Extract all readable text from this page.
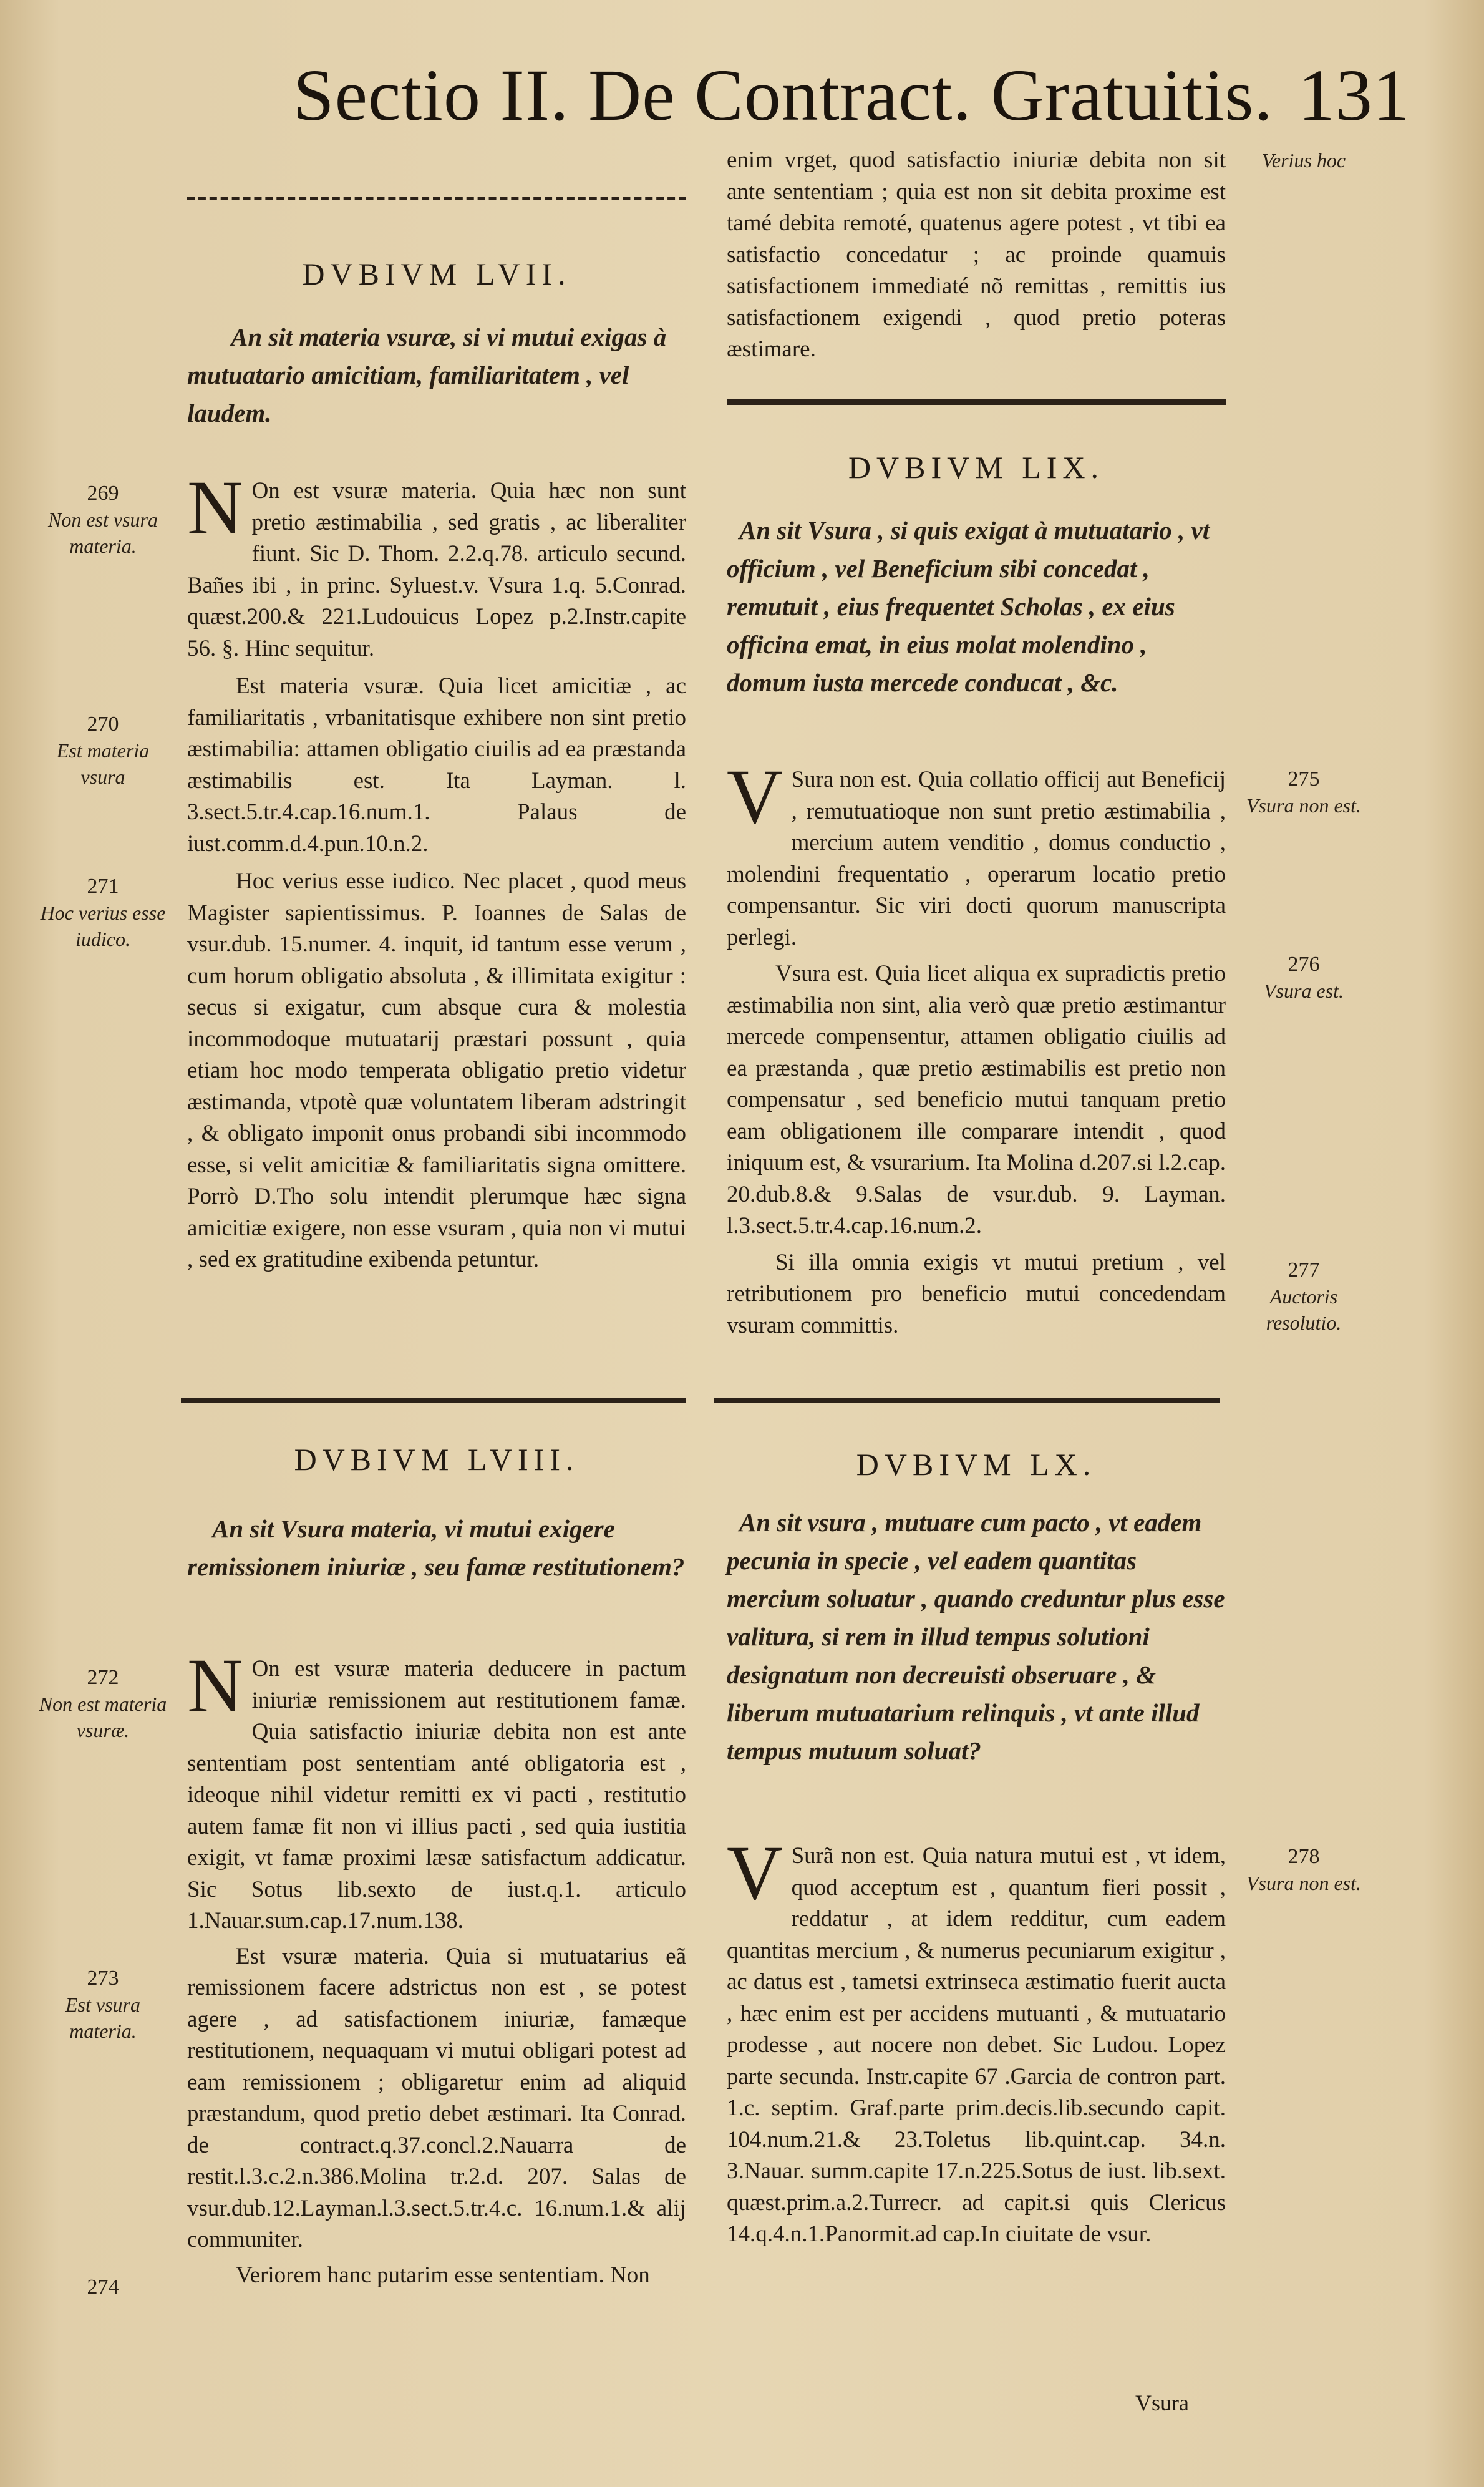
Sectio II. De Contract. Gratuitis. 131

enim vrget, quod satisfactio iniuriæ debita non sit ante sententiam ; quia est non sit debita proxime est tamé debita remoté, quatenus agere potest , vt tibi ea satisfactio concedatur ; ac proinde quamuis satisfactionem immediaté nõ remittas , remittis ius satisfactionem exigendi , quod pretio poteras æstimare.

Verius hoc
DVBIVM LVII.
An sit materia vsuræ, si vi mutui exigas à mutuatario amicitiam, familiaritatem , vel laudem.
269
Non est vsura materia.
270
Est materia vsura
271
Hoc verius esse iudico.

N On est vsuræ materia. Quia hæc non sunt pretio æstimabilia , sed gratis , ac liberaliter fiunt. Sic D. Thom. 2.2.q.78. articulo secund. Bañes ibi , in princ. Syluest.v. Vsura 1.q. 5.Conrad. quæst.200.& 221.Ludouicus Lopez p.2.Instr.capite 56. §. Hinc sequitur.

Est materia vsuræ. Quia licet amicitiæ , ac familiaritatis , vrbanitatisque exhibere non sint pretio æstimabilia: attamen obligatio ciuilis ad ea præstanda æstimabilis est. Ita Layman. l. 3.sect.5.tr.4.cap.16.num.1. Palaus de iust.comm.d.4.pun.10.n.2.

Hoc verius esse iudico. Nec placet , quod meus Magister sapientissimus. P. Ioannes de Salas de vsur.dub. 15.numer. 4. inquit, id tantum esse verum , cum horum obligatio absoluta , & illimitata exigitur : secus si exigatur, cum absque cura & molestia incommodoque mutuatarij præstari possunt , quia etiam hoc modo temperata obligatio pretio videtur æstimanda, vtpotè quæ voluntatem liberam adstringit , & obligato imponit onus probandi sibi incommodo esse, si velit amicitiæ & familiaritatis signa omittere. Porrò D.Tho solu intendit plerumque hæc signa amicitiæ exigere, non esse vsuram , quia non vi mutui , sed ex gratitudine exibenda petuntur.

DVBIVM LVIII.
An sit Vsura materia, vi mutui exigere remissionem iniuriæ , seu famæ restitutionem?
272
Non est materia vsuræ.
273
Est vsura materia.
274

N On est vsuræ materia deducere in pactum iniuriæ remissionem aut restitutionem famæ. Quia satisfactio iniuriæ debita non est ante sententiam post sententiam anté obligatoria est , ideoque nihil videtur remitti ex vi pacti , restitutio autem famæ fit non vi illius pacti , sed quia iustitia exigit, vt famæ proximi læsæ satisfactum addicatur. Sic Sotus lib.sexto de iust.q.1. articulo 1.Nauar.sum.cap.17.num.138.

Est vsuræ materia. Quia si mutuatarius eã remissionem facere adstrictus non est , se potest agere , ad satisfactionem iniuriæ, famæque restitutionem, nequaquam vi mutui obligari potest ad eam remissionem ; obligaretur enim ad aliquid præstandum, quod pretio debet æstimari. Ita Conrad. de contract.q.37.concl.2.Nauarra de restit.l.3.c.2.n.386.Molina tr.2.d. 207. Salas de vsur.dub.12.Layman.l.3.sect.5.tr.4.c. 16.num.1.& alij communiter.

Veriorem hanc putarim esse sententiam. Non

DVBIVM LIX.
An sit Vsura , si quis exigat à mutuatario , vt officium , vel Beneficium sibi concedat , remutuit , eius frequentet Scholas , ex eius officina emat, in eius molat molendino , domum iusta mercede conducat , &c.
275
Vsura non est.
276
Vsura est.
277
Auctoris resolutio.

V Sura non est. Quia collatio officij aut Beneficij , remutuatioque non sunt pretio æstimabilia , mercium autem venditio , domus conductio , molendini frequentatio , operarum locatio pretio compensantur. Sic viri docti quorum manuscripta perlegi.

Vsura est. Quia licet aliqua ex supradictis pretio æstimabilia non sint, alia verò quæ pretio æstimantur mercede compensentur, attamen obligatio ciuilis ad ea præstanda , quæ pretio æstimabilis est pretio non compensatur , sed beneficio mutui tanquam pretio eam obligationem ille comparare intendit , quod iniquum est, & vsurarium. Ita Molina d.207.si l.2.cap. 20.dub.8.& 9.Salas de vsur.dub. 9. Layman. l.3.sect.5.tr.4.cap.16.num.2.

Si illa omnia exigis vt mutui pretium , vel retributionem pro beneficio mutui concedendam vsuram committis.

DVBIVM LX.
An sit vsura , mutuare cum pacto , vt eadem pecunia in specie , vel eadem quantitas mercium soluatur , quando creduntur plus esse valitura, si rem in illud tempus solutioni designatum non decreuisti obseruare , & liberum mutuatarium relinquis , vt ante illud tempus mutuum soluat?
278
Vsura non est.

V Surã non est. Quia natura mutui est , vt idem, quod acceptum est , quantum fieri possit , reddatur , at idem redditur, cum eadem quantitas mercium , & numerus pecuniarum exigitur , ac datus est , tametsi extrinseca æstimatio fuerit aucta , hæc enim est per accidens mutuanti , & mutuatario prodesse , aut nocere non debet. Sic Ludou. Lopez parte secunda. Instr.capite 67 .Garcia de contron part. 1.c. septim. Graf.parte prim.decis.lib.secundo capit. 104.num.21.& 23.Toletus lib.quint.cap. 34.n. 3.Nauar. summ.capite 17.n.225.Sotus de iust. lib.sext. quæst.prim.a.2.Turrecr. ad capit.si quis Clericus 14.q.4.n.1.Panormit.ad cap.In ciuitate de vsur.

Vsura
